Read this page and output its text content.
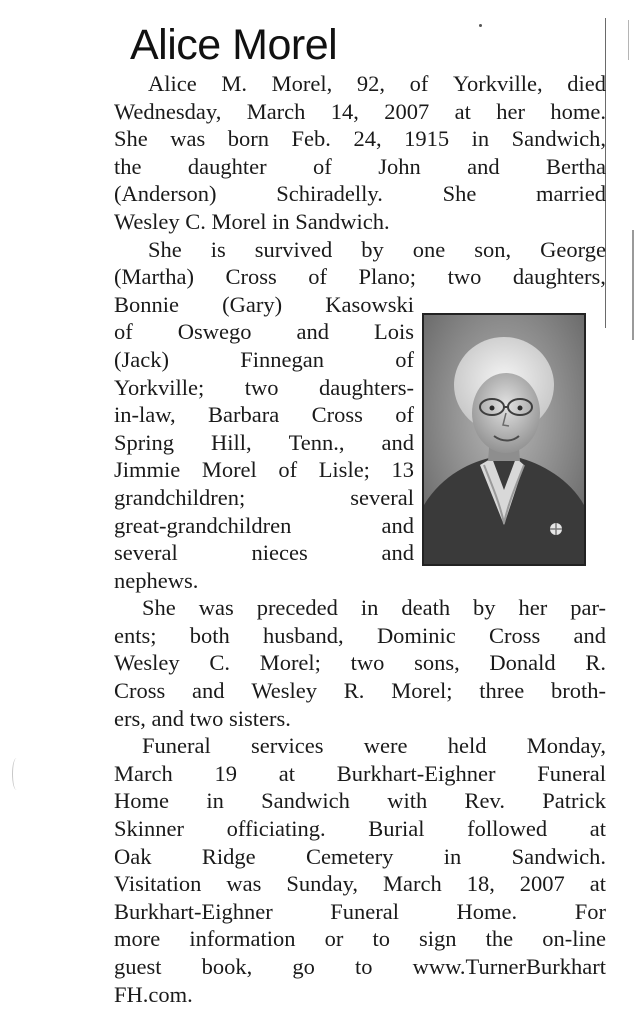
Alice Morel
Alice M. Morel, 92, of Yorkville, died
Wednesday, March 14, 2007 at her home.
She was born Feb. 24, 1915 in Sandwich,
the daughter of John and Bertha
(Anderson)	Schiradelly.	She	married
Wesley C. Morel in Sandwich.
She is survived by one son, George
(Martha) Cross of Plano; two daughters,
Bonnie (Gary) Kasowski
of Oswego and Lois
(Jack)	Finnegan	of
Yorkville; two daughters-
in-law, Barbara Cross of
Spring Hill, Tenn., and
Jimmie Morel of Lisle; 13
grandchildren;	several
great-grandchildren	and
several	nieces	and
nephews.
She was preceded in death by her par-
ents; both husband, Dominic Cross and
Wesley C. Morel; two sons, Donald R.
Cross and Wesley R. Morel; three broth-
ers, and two sisters.
Funeral services were held Monday,
March 19 at Burkhart-Eighner Funeral
Home in Sandwich with Rev. Patrick
Skinner officiating. Burial followed at
Oak Ridge Cemetery in Sandwich.
Visitation was Sunday, March 18, 2007 at
Burkhart-Eighner	Funeral	Home.	For
more information or to sign the on-line
guest book, go to www.TurnerBurkhart
FH.com.
